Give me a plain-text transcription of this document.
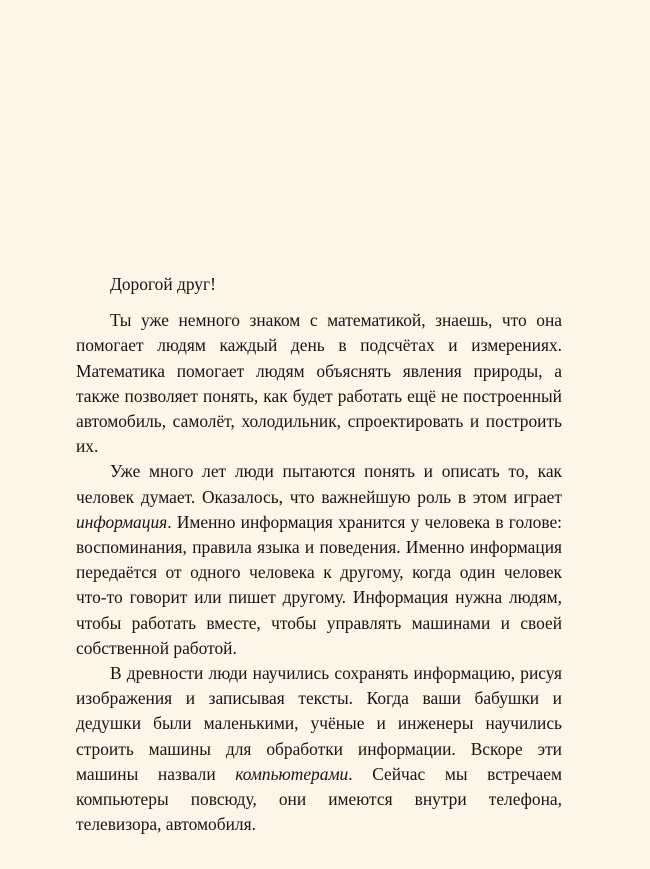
Дорогой друг!

Ты уже немного знаком с математикой, знаешь, что она помогает людям каждый день в подсчётах и измерениях. Математика помогает людям объяснять явления природы, а также позволяет понять, как будет работать ещё не построенный автомобиль, самолёт, холодильник, спроектировать и построить их.

Уже много лет люди пытаются понять и описать то, как человек думает. Оказалось, что важнейшую роль в этом играет информация. Именно информация хранится у человека в голове: воспоминания, правила языка и поведения. Именно информация передаётся от одного человека к другому, когда один человек что-то говорит или пишет другому. Информация нужна людям, чтобы работать вместе, чтобы управлять машинами и своей собственной работой.

В древности люди научились сохранять информацию, рисуя изображения и записывая тексты. Когда ваши бабушки и дедушки были маленькими, учёные и инженеры научились строить машины для обработки информации. Вскоре эти машины назвали компьютерами. Сейчас мы встречаем компьютеры повсюду, они имеются внутри телефона, телевизора, автомобиля.
